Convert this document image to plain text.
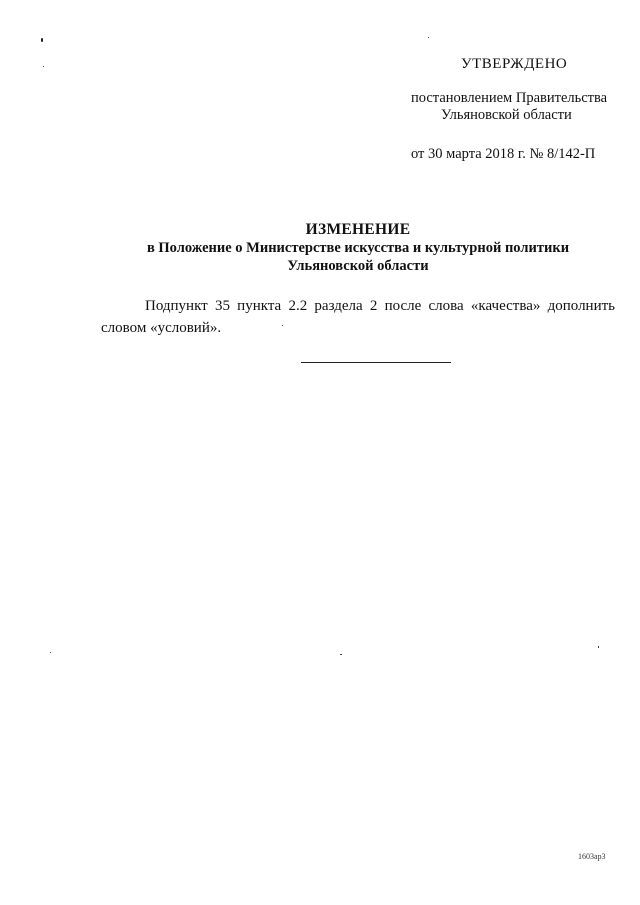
УТВЕРЖДЕНО
постановлением Правительства
Ульяновской области
от 30 марта 2018 г. № 8/142-П
ИЗМЕНЕНИЕ
в Положение о Министерстве искусства и культурной политики
Ульяновской области
Подпункт 35 пункта 2.2 раздела 2 после слова «качества» дополнить словом «условий».
1603ар3
